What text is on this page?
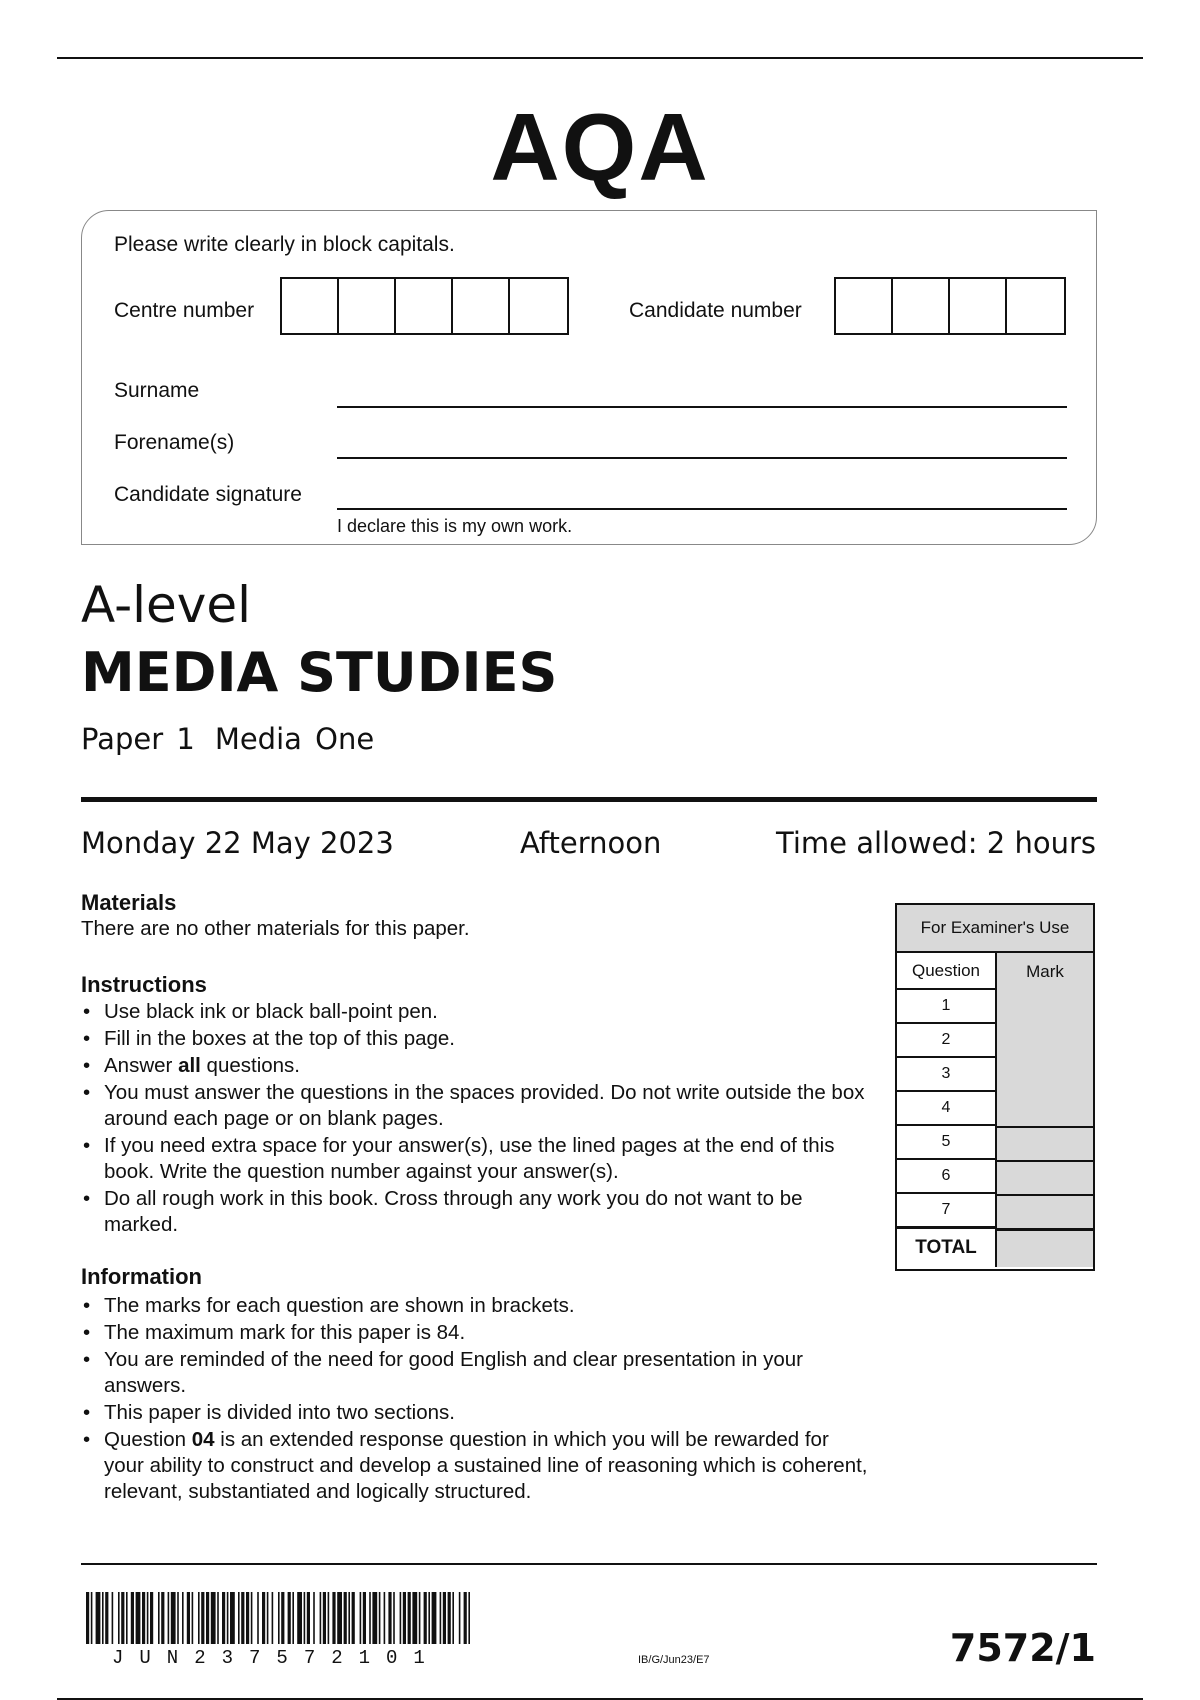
AQA
Please write clearly in block capitals.
Centre number	Candidate number
Surname
Forename(s)
Candidate signature
I declare this is my own work.
A-level
MEDIA STUDIES
Paper 1 Media One
Monday 22 May 2023	Afternoon	Time allowed: 2 hours
Materials
There are no other materials for this paper.
Instructions
• Use black ink or black ball-point pen.
• Fill in the boxes at the top of this page.
• Answer all questions.
• You must answer the questions in the spaces provided. Do not write outside the box around each page or on blank pages.
• If you need extra space for your answer(s), use the lined pages at the end of this book. Write the question number against your answer(s).
• Do all rough work in this book. Cross through any work you do not want to be marked.
Information
• The marks for each question are shown in brackets.
• The maximum mark for this paper is 84.
• You are reminded of the need for good English and clear presentation in your answers.
• This paper is divided into two sections.
• Question 04 is an extended response question in which you will be rewarded for your ability to construct and develop a sustained line of reasoning which is coherent, relevant, substantiated and logically structured.
For Examiner's Use
Question	Mark
1
2
3
4
5
6
7
TOTAL
JUN237572101	IB/G/Jun23/E7	7572/1
